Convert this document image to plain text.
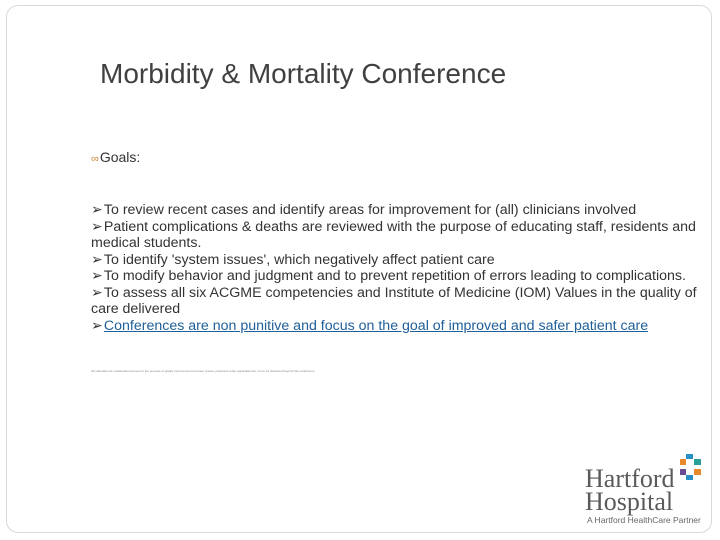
Morbidity & Mortality Conference
∞Goals:

➢To review recent cases and identify areas for improvement for (all) clinicians involved

➢Patient complications & deaths are reviewed with the purpose of educating staff, residents and medical students.

➢To identify 'system issues', which negatively affect patient care

➢To modify behavior and judgment and to prevent repetition of errors leading to complications.

➢To assess all six ACGME competencies and Institute of Medicine (IOM) Values in the quality of care delivered

➢Conferences are non punitive and focus on the goal of improved and safer patient care

All materials are confidential and are for the purpose of quality improvement and peer review, protected under applicable law; not to be disclosed beyond this conference.
Hartford
Hospital
A Hartford HealthCare Partner
